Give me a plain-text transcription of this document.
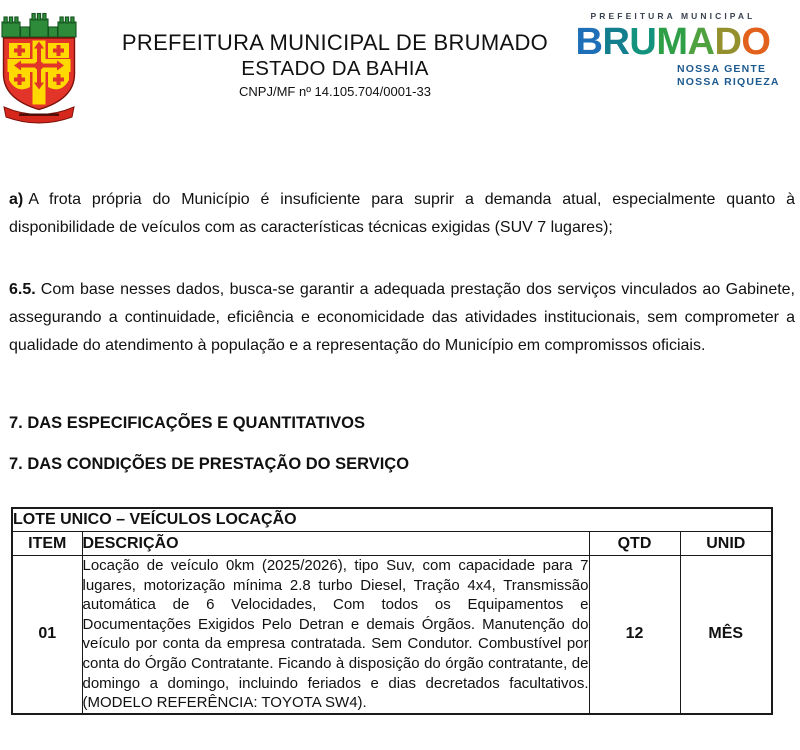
PREFEITURA MUNICIPAL DE BRUMADO
ESTADO DA BAHIA
CNPJ/MF nº 14.105.704/0001-33
PREFEITURA MUNICIPAL
BRUMADO
NOSSA GENTE
NOSSA RIQUEZA

a) A frota própria do Município é insuficiente para suprir a demanda atual, especialmente quanto à disponibilidade de veículos com as características técnicas exigidas (SUV 7 lugares);

6.5. Com base nesses dados, busca-se garantir a adequada prestação dos serviços vinculados ao Gabinete, assegurando a continuidade, eficiência e economicidade das atividades institucionais, sem comprometer a qualidade do atendimento à população e a representação do Município em compromissos oficiais.

7. DAS ESPECIFICAÇÕES E QUANTITATIVOS
7. DAS CONDIÇÕES DE PRESTAÇÃO DO SERVIÇO
LOTE UNICO – VEÍCULOS LOCAÇÃO			
ITEM	DESCRIÇÃO	QTD	UNID
01	Locação de veículo 0km (2025/2026), tipo Suv, com capacidade para 7 lugares, motorização mínima 2.8 turbo Diesel, Tração 4x4, Transmissão automática de 6 Velocidades, Com todos os Equipamentos e Documentações Exigidos Pelo Detran e demais Órgãos. Manutenção do veículo por conta da empresa contratada. Sem Condutor. Combustível por conta do Órgão Contratante. Ficando à disposição do órgão contratante, de domingo a domingo, incluindo feriados e dias decretados facultativos. (MODELO REFERÊNCIA: TOYOTA SW4).	12	MÊS
